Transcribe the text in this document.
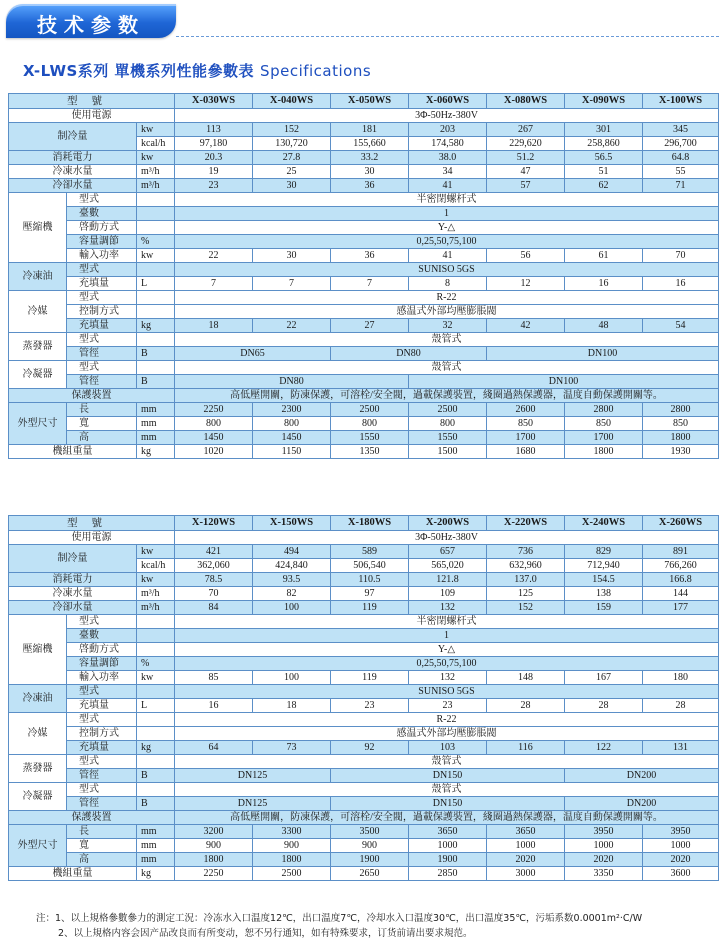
技术参数
X-LWS系列 單機系列性能參數表 Specifications
型號			X-030WS	X-040WS	X-050WS	X-060WS	X-080WS	X-090WS	X-100WS
使用電源			3Φ-50Hz-380V						
制冷量		kw	113	152	181	203	267	301	345
		kcal/h	97,180	130,720	155,660	174,580	229,620	258,860	296,700
消耗電力		kw	20.3	27.8	33.2	38.0	51.2	56.5	64.8
冷凍水量		m³/h	19	25	30	34	47	51	55
冷卻水量		m³/h	23	30	36	41	57	62	71
壓縮機	型式		半密閉螺杆式						
	臺數		1						
	啓動方式		Y-△						
	容量調節	%	0,25,50,75,100						
	輸入功率	kw	22	30	36	41	56	61	70
冷凍油	型式		SUNISO 5GS						
	充填量	L	7	7	7	8	12	16	16
冷媒	型式		R-22						
	控制方式		感温式外部均壓膨脹閥						
	充填量	kg	18	22	27	32	42	48	54
蒸發器	型式		殼管式						
	管徑	B	DN65		DN80		DN100		
冷凝器	型式		殼管式						
	管徑	B	DN80			DN100			
保護裝置			高低壓開關，防凍保護，可溶栓/安全閥，過載保護裝置，綫圈過熱保護器，温度自動保護開關等。						
外型尺寸	長	mm	2250	2300	2500	2500	2600	2800	2800
	寬	mm	800	800	800	800	850	850	850
	高	mm	1450	1450	1550	1550	1700	1700	1800
機組重量		kg	1020	1150	1350	1500	1680	1800	1930
型號			X-120WS	X-150WS	X-180WS	X-200WS	X-220WS	X-240WS	X-260WS
使用電源			3Φ-50Hz-380V						
制冷量		kw	421	494	589	657	736	829	891
		kcal/h	362,060	424,840	506,540	565,020	632,960	712,940	766,260
消耗電力		kw	78.5	93.5	110.5	121.8	137.0	154.5	166.8
冷凍水量		m³/h	70	82	97	109	125	138	144
冷卻水量		m³/h	84	100	119	132	152	159	177
壓縮機	型式		半密閉螺杆式						
	臺數		1						
	啓動方式		Y-△						
	容量調節	%	0,25,50,75,100						
	輸入功率	kw	85	100	119	132	148	167	180
冷凍油	型式		SUNISO 5GS						
	充填量	L	16	18	23	23	28	28	28
冷媒	型式		R-22						
	控制方式		感温式外部均壓膨脹閥						
	充填量	kg	64	73	92	103	116	122	131
蒸發器	型式		殼管式						
	管徑	B	DN125		DN150			DN200	
冷凝器	型式		殼管式						
	管徑	B	DN125		DN150			DN200	
保護裝置			高低壓開關，防凍保護，可溶栓/安全閥，過載保護裝置，綫圈過熱保護器，温度自動保護開關等。						
外型尺寸	長	mm	3200	3300	3500	3650	3650	3950	3950
	寬	mm	900	900	900	1000	1000	1000	1000
	高	mm	1800	1800	1900	1900	2020	2020	2020
機組重量		kg	2250	2500	2650	2850	3000	3350	3600
注：1、以上規格參數參力的測定工況：冷冻水入口温度12℃，出口温度7℃，冷却水入口温度30℃，出口温度35℃，污垢系数0.0001m²·C/W
2、以上規格内容会因产品改良而有所变动，恕不另行通知，如有特殊要求，订货前请出要求規范。
